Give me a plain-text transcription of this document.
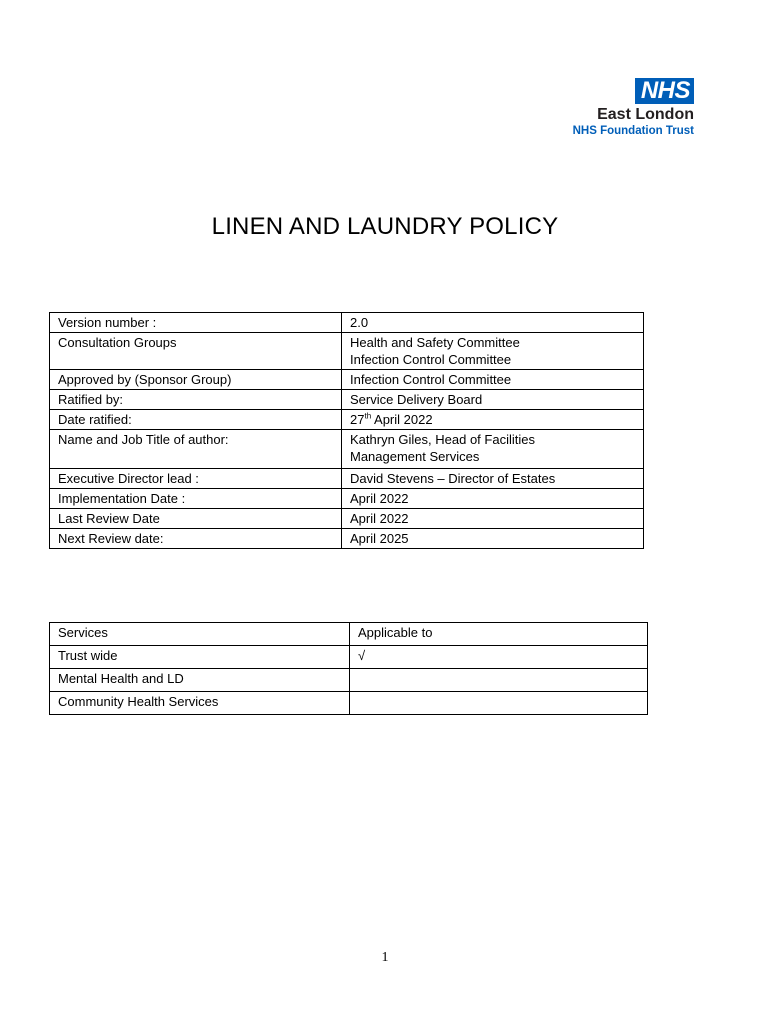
NHS
East London
NHS Foundation Trust
LINEN AND LAUNDRY POLICY
Version number :	2.0
Consultation Groups	Health and Safety Committee
Infection Control Committee

Approved by (Sponsor Group)	Infection Control Committee
Ratified by:	Service Delivery Board
Date ratified:	27th April 2022
Name and Job Title of author:	Kathryn Giles, Head of Facilities
Management Services

Executive Director lead :	David Stevens – Director of Estates
Implementation Date :	April 2022
Last Review Date	April 2022
Next Review date:	April 2025
Services	Applicable to
Trust wide	√
Mental Health and LD	
Community Health Services	
1
